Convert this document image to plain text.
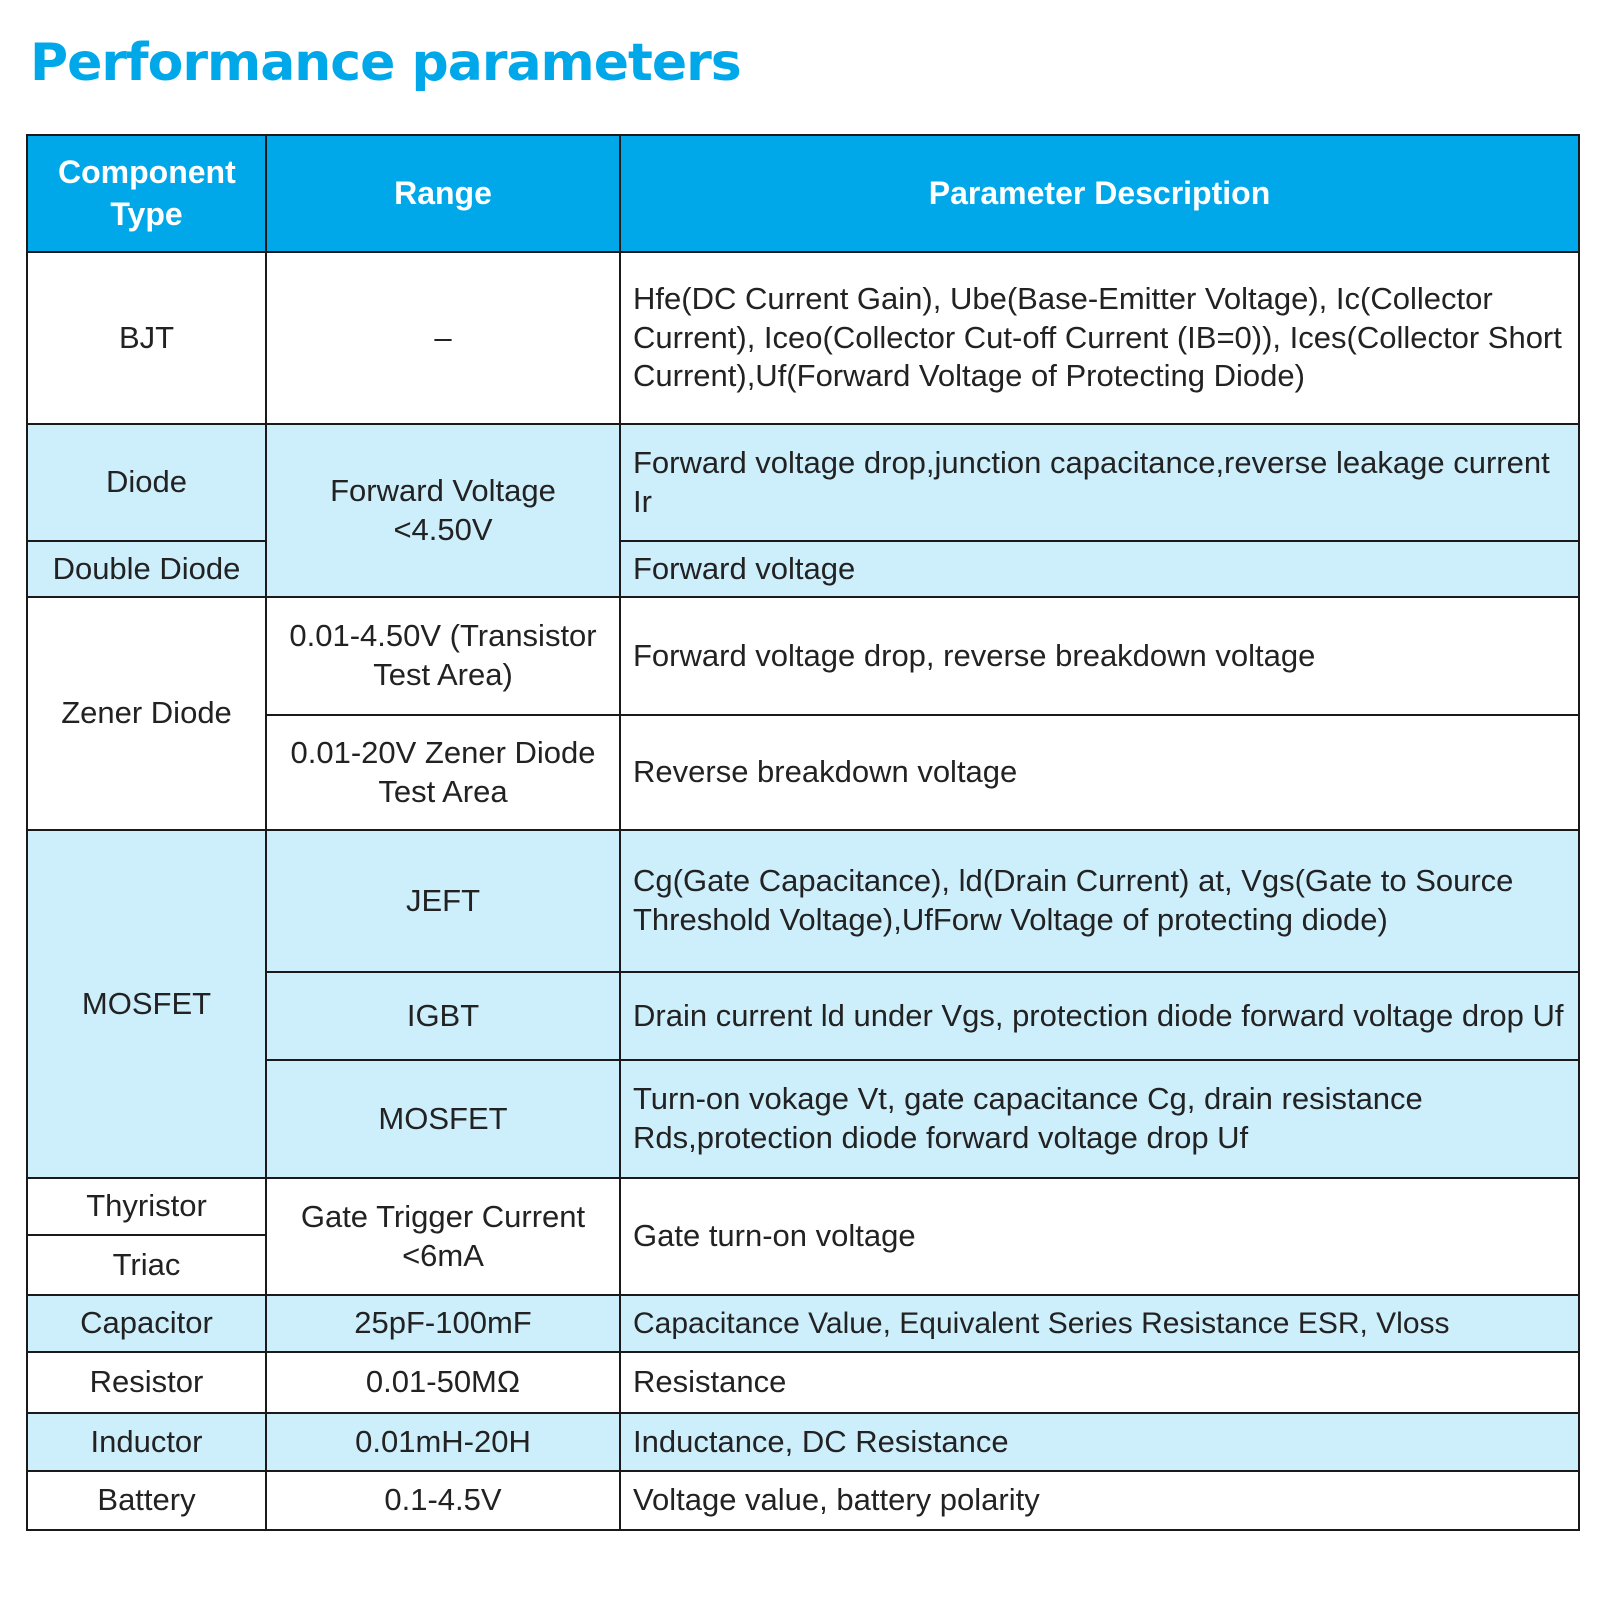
Performance parameters
Component Type	Range	Parameter Description
BJT	–	Hfe(DC Current Gain), Ube(Base-Emitter Voltage), Ic(Collector Current), Iceo(Collector Cut-off Current (IB=0)), Ices(Collector Short Current),Uf(Forward Voltage of Protecting Diode)
Diode	Forward Voltage <4.50V	Forward voltage drop,junction capacitance,reverse leakage current Ir
Double Diode		Forward voltage
Zener Diode	0.01-4.50V (Transistor Test Area)	Forward voltage drop, reverse breakdown voltage
	0.01-20V Zener Diode Test Area	Reverse breakdown voltage
MOSFET	JEFT	Cg(Gate Capacitance), ld(Drain Current) at, Vgs(Gate to Source Threshold Voltage),UfForw Voltage of protecting diode)
	IGBT	Drain current ld under Vgs, protection diode forward voltage drop Uf
	MOSFET	Turn-on vokage Vt, gate capacitance Cg, drain resistance Rds,protection diode forward voltage drop Uf
Thyristor	Gate Trigger Current <6mA	Gate turn-on voltage
Triac		
Capacitor	25pF-100mF	Capacitance Value, Equivalent Series Resistance ESR, Vloss
Resistor	0.01-50MΩ	Resistance
Inductor	0.01mH-20H	Inductance, DC Resistance
Battery	0.1-4.5V	Voltage value, battery polarity
